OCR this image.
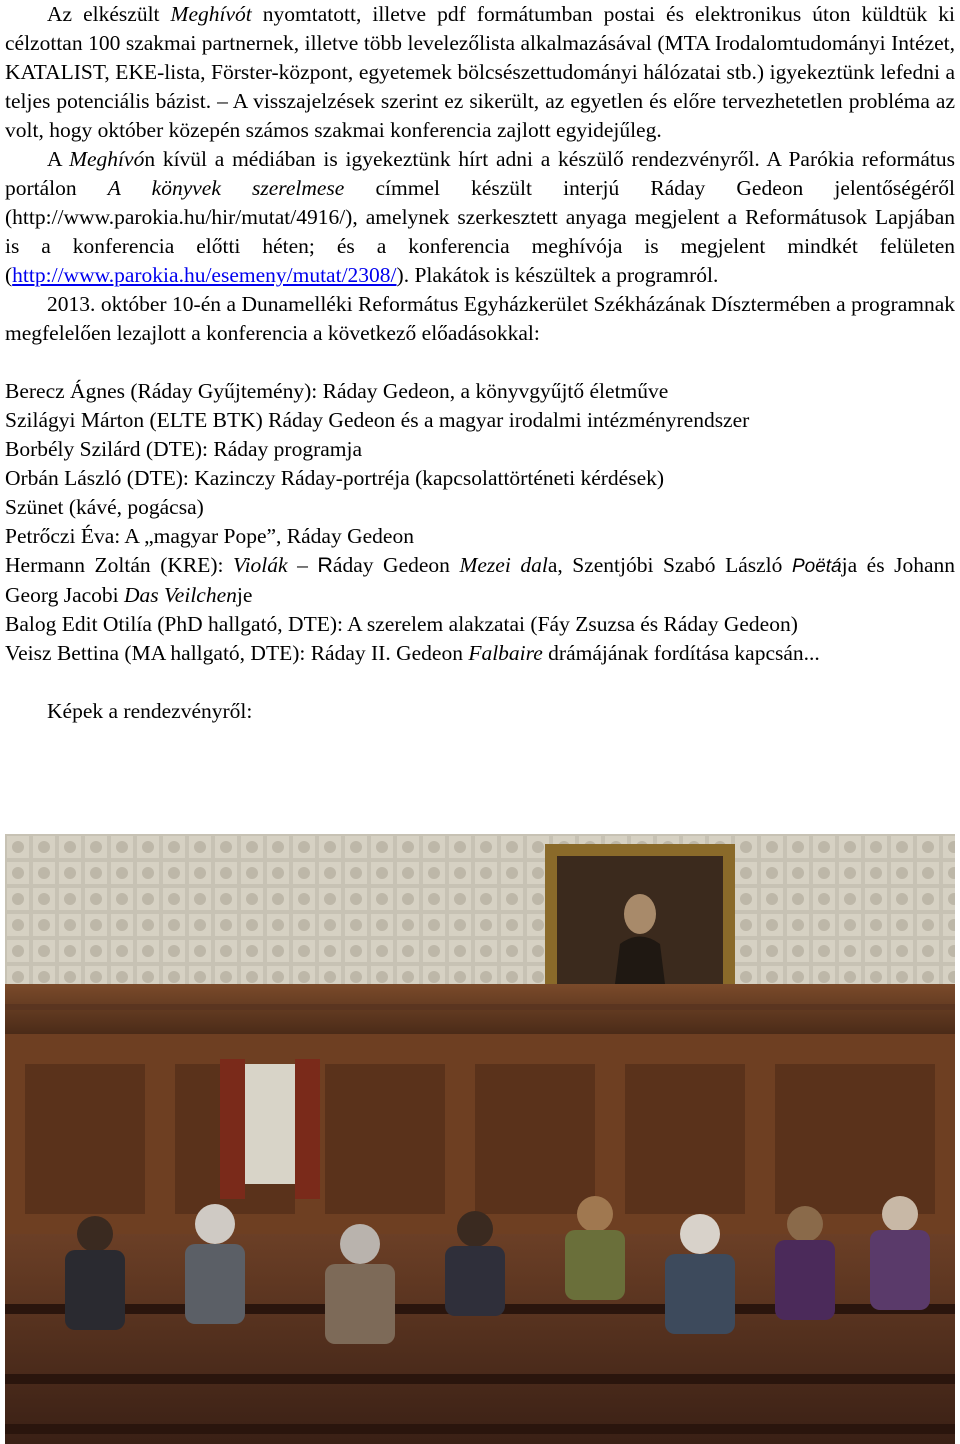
Az elkészült Meghívót nyomtatott, illetve pdf formátumban postai és elektronikus úton küldtük ki célzottan 100 szakmai partnernek, illetve több levelezőlista alkalmazásával (MTA Irodalomtudományi Intézet, KATALIST, EKE-lista, Förster-központ, egyetemek bölcsészettudományi hálózatai stb.) igyekeztünk lefedni a teljes potenciális bázist. – A visszajelzések szerint ez sikerült, az egyetlen és előre tervezhetetlen probléma az volt, hogy október közepén számos szakmai konferencia zajlott egyidejűleg.

A Meghívón kívül a médiában is igyekeztünk hírt adni a készülő rendezvényről. A Parókia református portálon A könyvek szerelmese címmel készült interjú Ráday Gedeon jelentőségéről (http://www.parokia.hu/hir/mutat/4916/), amelynek szerkesztett anyaga megjelent a Reformátusok Lapjában is a konferencia előtti héten; és a konferencia meghívója is megjelent mindkét felületen (http://www.parokia.hu/esemeny/mutat/2308/). Plakátok is készültek a programról.

2013. október 10-én a Dunamelléki Református Egyházkerület Székházának Dísztermében a programnak megfelelően lezajlott a konferencia a következő előadásokkal:

Berecz Ágnes (Ráday Gyűjtemény): Ráday Gedeon, a könyvgyűjtő életműve
Szilágyi Márton (ELTE BTK) Ráday Gedeon és a magyar irodalmi intézményrendszer
Borbély Szilárd (DTE): Ráday programja
Orbán László (DTE): Kazinczy Ráday-portréja (kapcsolattörténeti kérdések)
Szünet (kávé, pogácsa)
Petrőczi Éva: A „magyar Pope”, Ráday Gedeon
Hermann Zoltán (KRE): Violák – Ráday Gedeon Mezei dala, Szentjóbi Szabó László Poëtája és Johann Georg Jacobi Das Veilchenje
Balog Edit Otilía (PhD hallgató, DTE): A szerelem alakzatai (Fáy Zsuzsa és Ráday Gedeon)
Veisz Bettina (MA hallgató, DTE): Ráday II. Gedeon Falbaire drámájának fordítása kapcsán...
Képek a rendezvényről:
